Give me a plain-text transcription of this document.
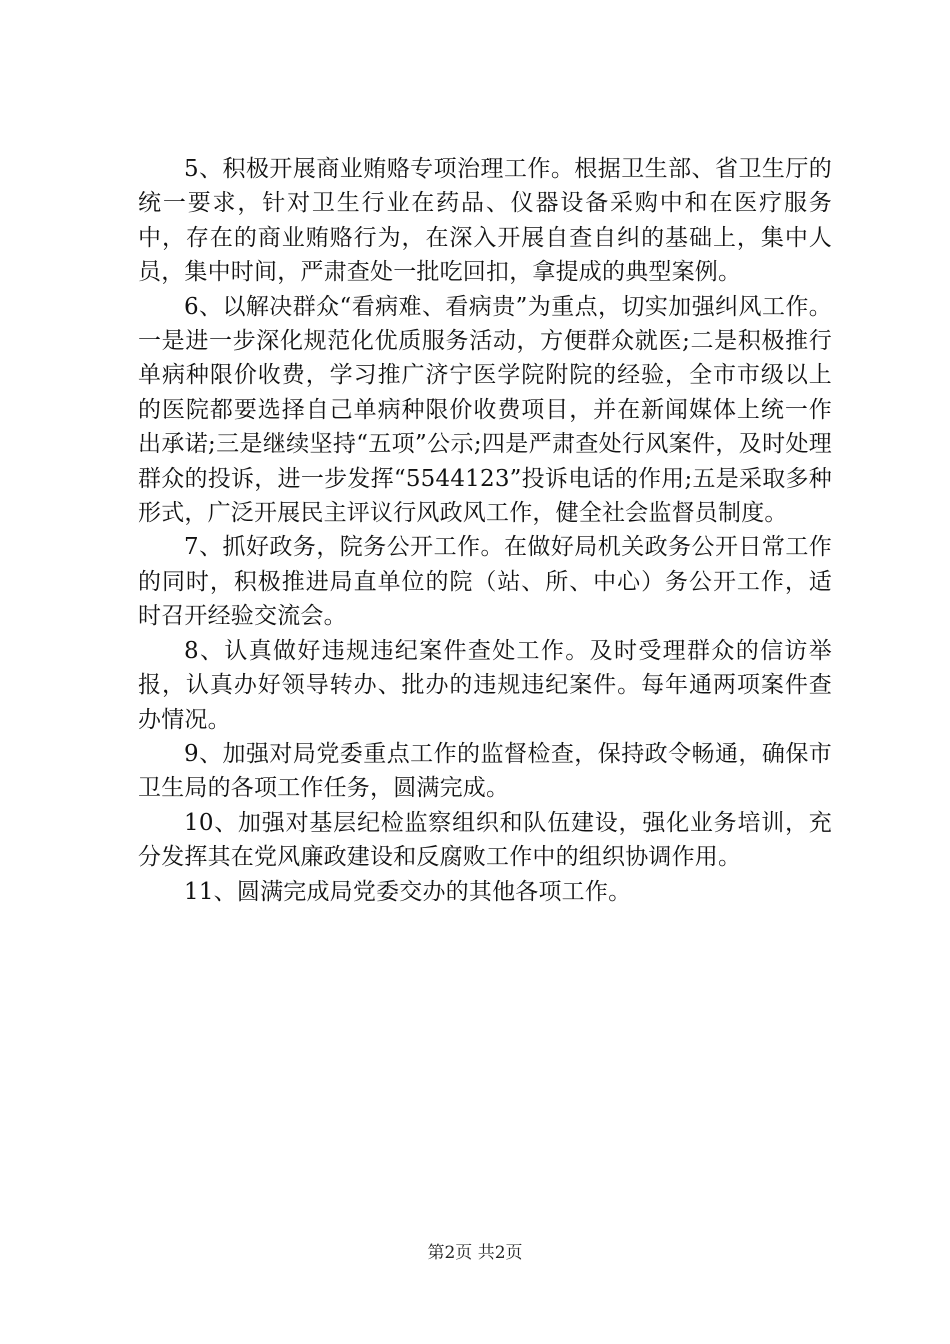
5、积极开展商业贿赂专项治理工作。根据卫生部、省卫生厅的统一要求，针对卫生行业在药品、仪器设备采购中和在医疗服务中，存在的商业贿赂行为，在深入开展自查自纠的基础上，集中人员，集中时间，严肃查处一批吃回扣，拿提成的典型案例。

6、以解决群众“看病难、看病贵”为重点，切实加强纠风工作。一是进一步深化规范化优质服务活动，方便群众就医;二是积极推行单病种限价收费，学习推广济宁医学院附院的经验，全市市级以上的医院都要选择自己单病种限价收费项目，并在新闻媒体上统一作出承诺;三是继续坚持“五项”公示;四是严肃查处行风案件，及时处理群众的投诉，进一步发挥“5544123”投诉电话的作用;五是采取多种形式，广泛开展民主评议行风政风工作，健全社会监督员制度。

7、抓好政务，院务公开工作。在做好局机关政务公开日常工作的同时，积极推进局直单位的院（站、所、中心）务公开工作，适时召开经验交流会。

8、认真做好违规违纪案件查处工作。及时受理群众的信访举报，认真办好领导转办、批办的违规违纪案件。每年通两项案件查办情况。

9、加强对局党委重点工作的监督检查，保持政令畅通，确保市卫生局的各项工作任务，圆满完成。

10、加强对基层纪检监察组织和队伍建设，强化业务培训，充分发挥其在党风廉政建设和反腐败工作中的组织协调作用。

11、圆满完成局党委交办的其他各项工作。

第2页 共2页
